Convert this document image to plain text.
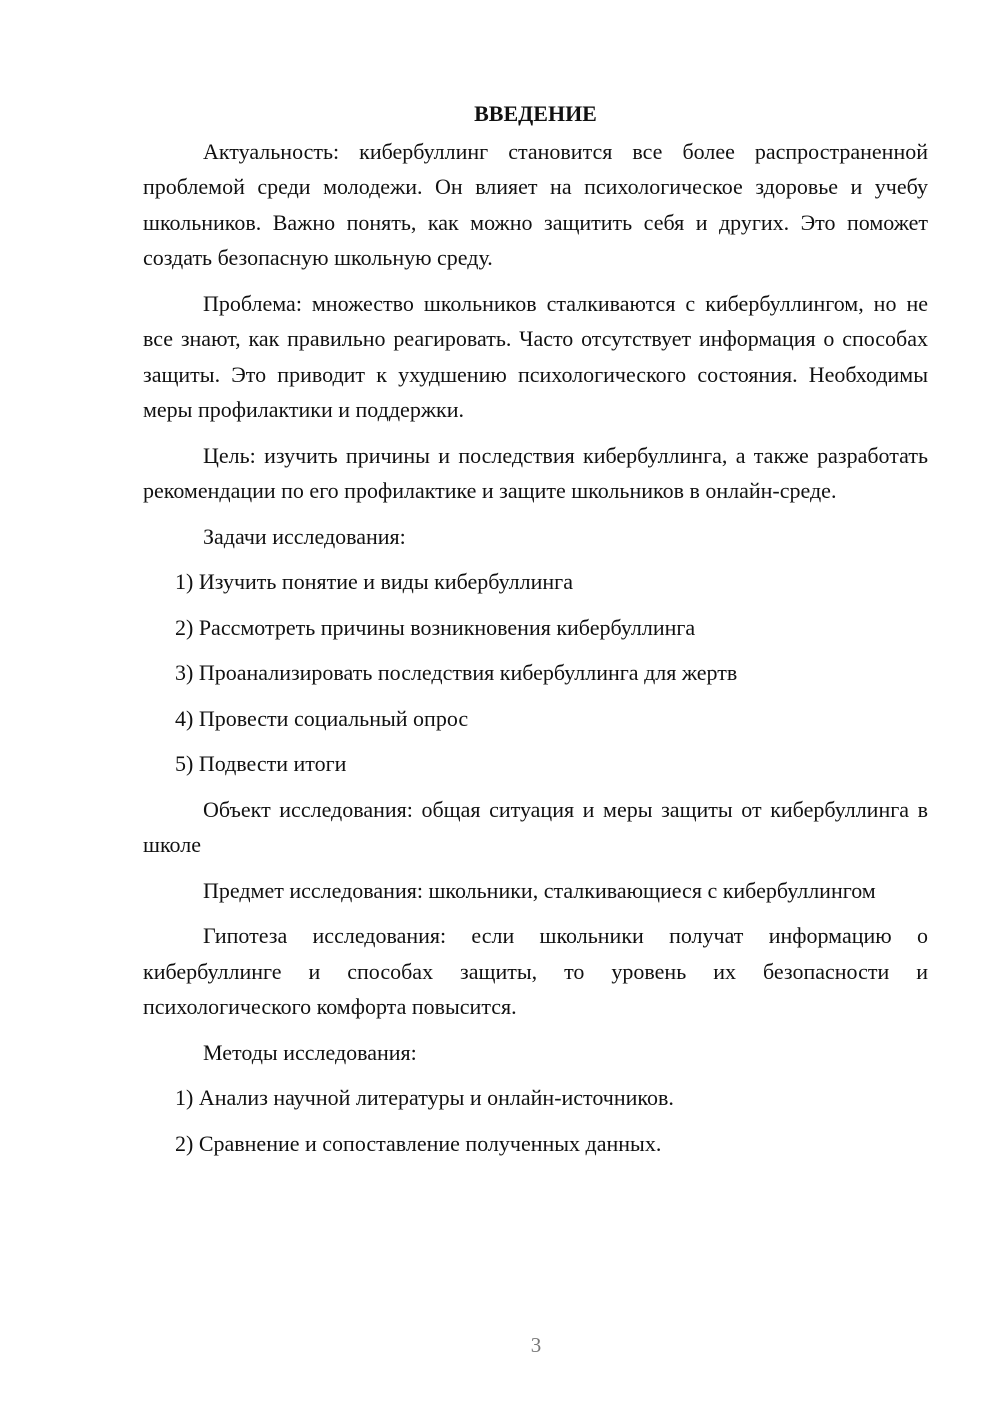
ВВЕДЕНИЕ

Актуальность: кибербуллинг становится все более распространенной проблемой среди молодежи. Он влияет на психологическое здоровье и учебу школьников. Важно понять, как можно защитить себя и других. Это поможет создать безопасную школьную среду.

Проблема: множество школьников сталкиваются с кибербуллингом, но не все знают, как правильно реагировать. Часто отсутствует информация о способах защиты. Это приводит к ухудшению психологического состояния. Необходимы меры профилактики и поддержки.

Цель: изучить причины и последствия кибербуллинга, а также разработать рекомендации по его профилактике и защите школьников в онлайн-среде.

Задачи исследования:

1) Изучить понятие и виды кибербуллинга
2) Рассмотреть причины возникновения кибербуллинга
3) Проанализировать последствия кибербуллинга для жертв
4) Провести социальный опрос
5) Подвести итоги

Объект исследования: общая ситуация и меры защиты от кибербуллинга в школе

Предмет исследования: школьники, сталкивающиеся с кибербуллингом

Гипотеза исследования: если школьники получат информацию о кибербуллинге и способах защиты, то уровень их безопасности и психологического комфорта повысится.

Методы исследования:

1) Анализ научной литературы и онлайн-источников.
2) Сравнение и сопоставление полученных данных.
3
